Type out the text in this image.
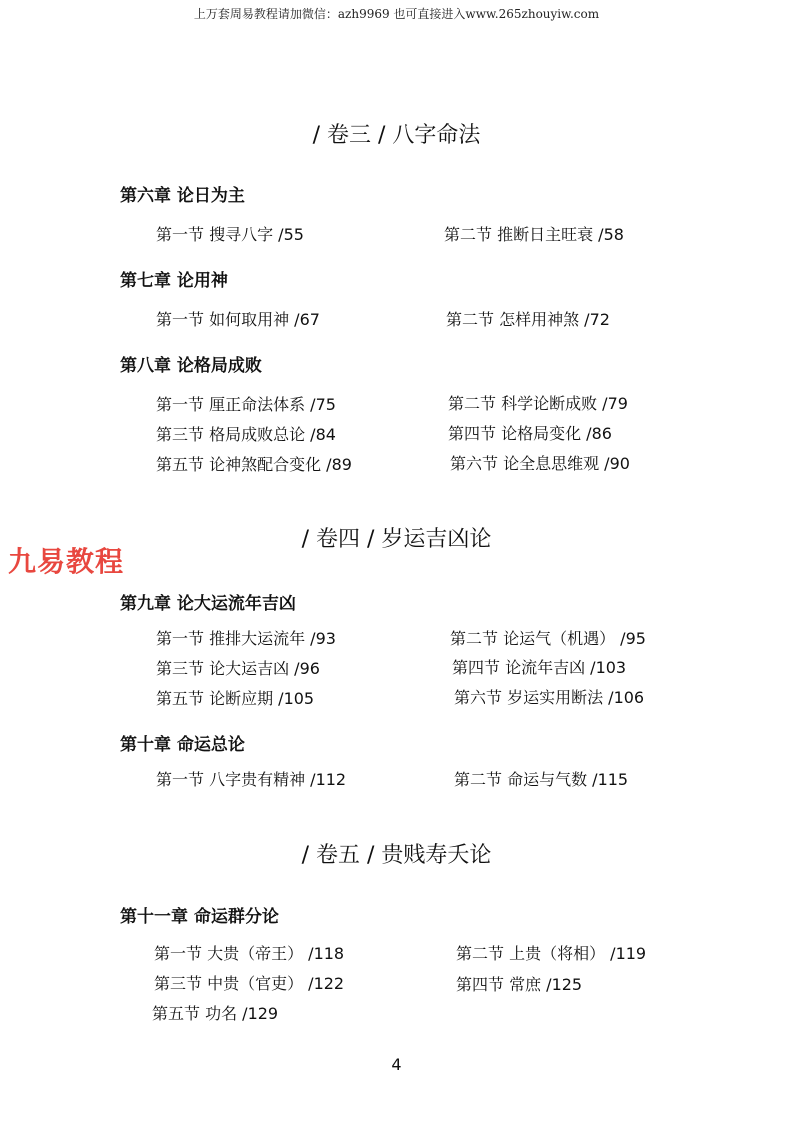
上万套周易教程请加微信：azh9969 也可直接进入www.265zhouyiw.com
/ 卷三 / 八字命法
第六章 论日为主
第一节 搜寻八字 /55	第二节 推断日主旺衰 /58
第七章 论用神
第一节 如何取用神 /67	第二节 怎样用神煞 /72
第八章 论格局成败
第一节 厘正命法体系 /75	第二节 科学论断成败 /79
第三节 格局成败总论 /84	第四节 论格局变化 /86
第五节 论神煞配合变化 /89	第六节 论全息思维观 /90
九易教程
/ 卷四 / 岁运吉凶论
第九章 论大运流年吉凶
第一节 推排大运流年 /93	第二节 论运气（机遇） /95
第三节 论大运吉凶 /96	第四节 论流年吉凶 /103
第五节 论断应期 /105	第六节 岁运实用断法 /106
第十章 命运总论
第一节 八字贵有精神 /112	第二节 命运与气数 /115
/ 卷五 / 贵贱寿夭论
第十一章 命运群分论
第一节 大贵（帝王） /118	第二节 上贵（将相） /119
第三节 中贵（官吏） /122	第四节 常庶 /125
第五节 功名 /129
4
